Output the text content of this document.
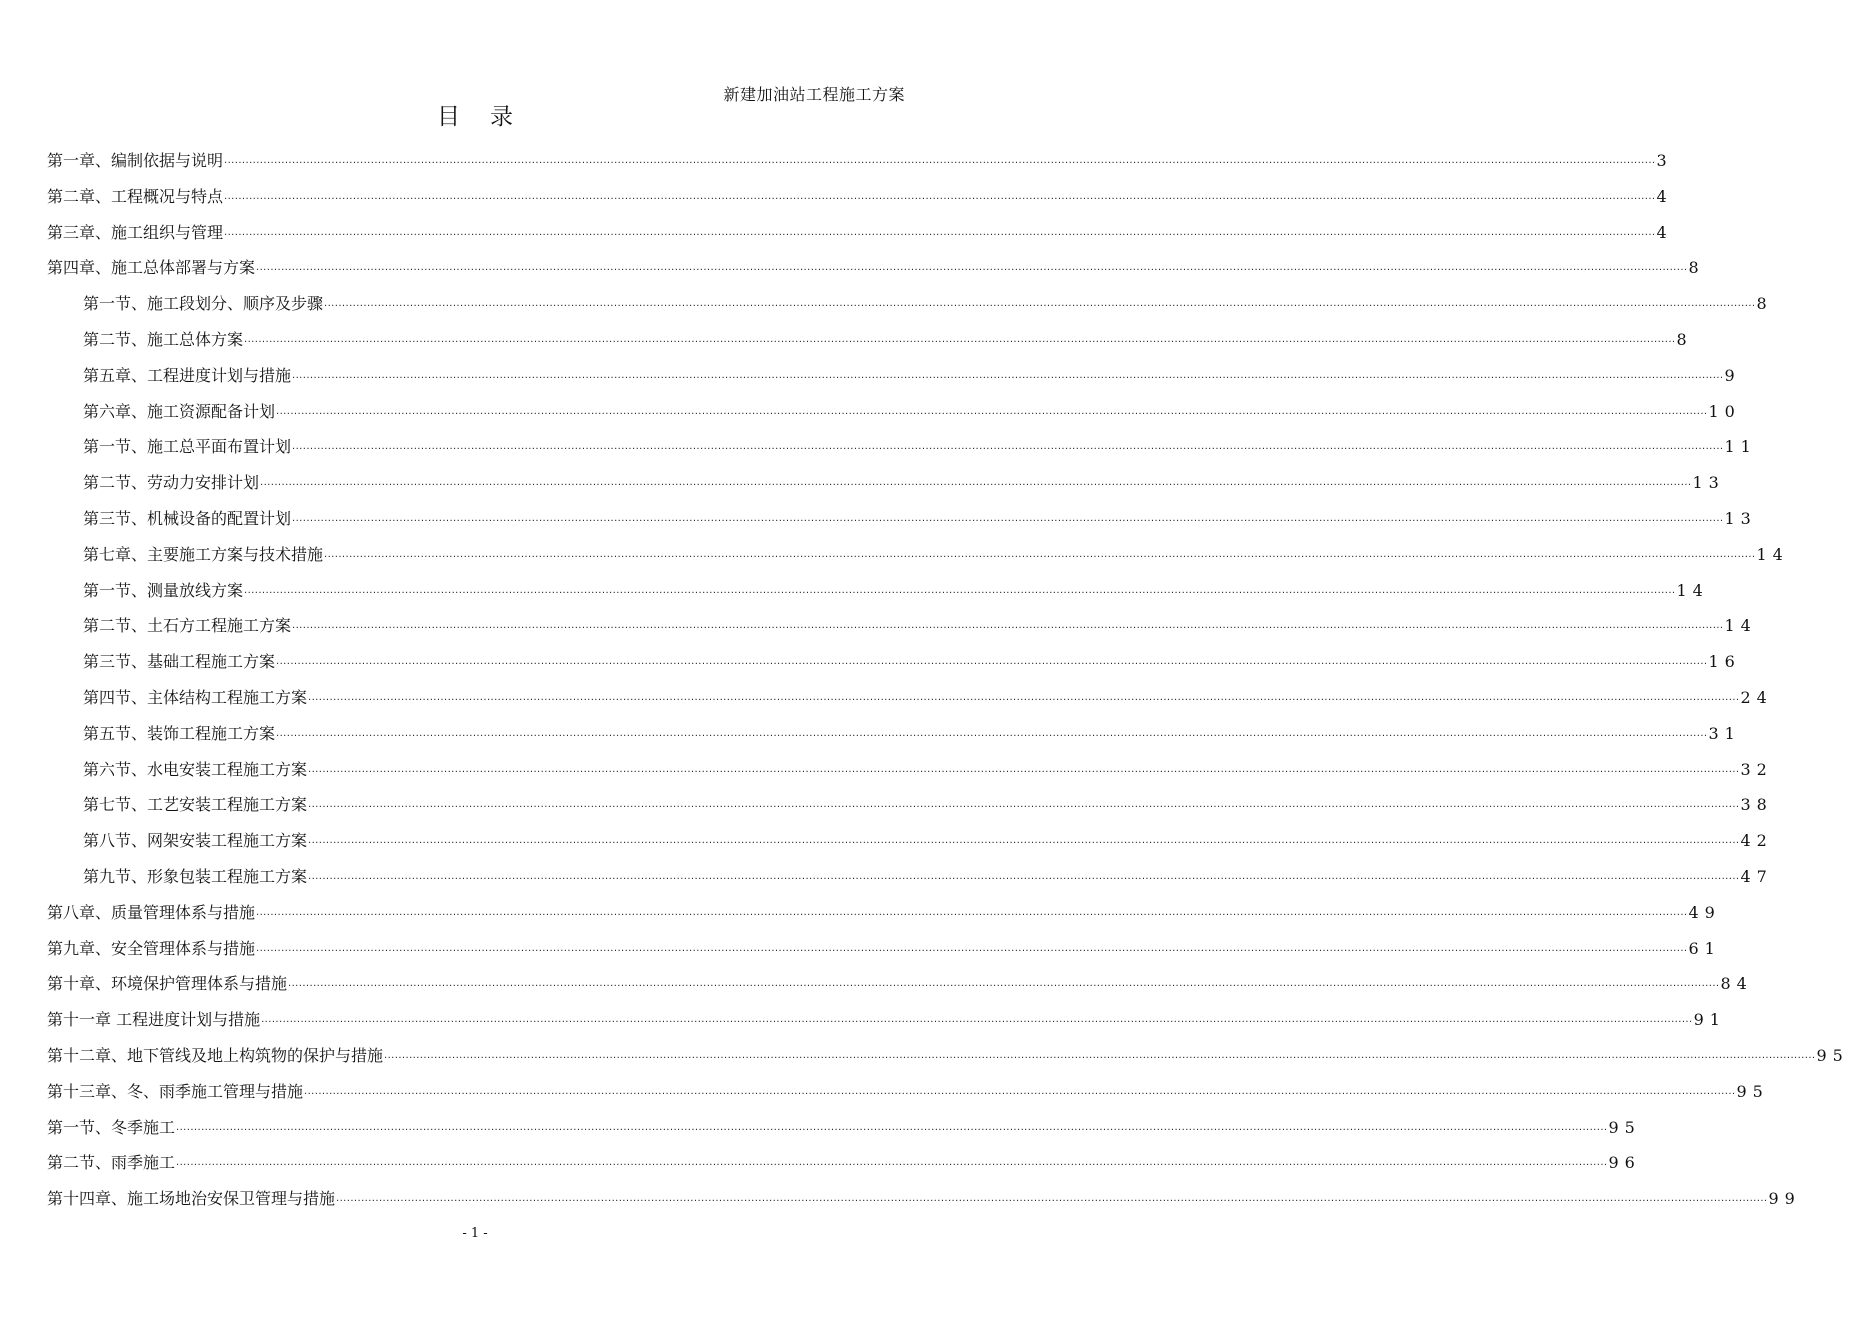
新建加油站工程施工方案
目录
第一章、编制依据与说明 ················································································································································································································································································································································································································ 3
第二章、工程概况与特点 ················································································································································································································································································································································································································ 4
第三章、施工组织与管理 ················································································································································································································································································································································································································ 4
第四章、施工总体部署与方案 ················································································································································································································································································································································································································ 8
第一节、施工段划分、顺序及步骤 ················································································································································································································································································································································································································ 8
第二节、施工总体方案 ················································································································································································································································································································································································································ 8
第五章、工程进度计划与措施 ················································································································································································································································································································································································································ 9
第六章、施工资源配备计划 ················································································································································································································································································································································································································ 10
第一节、施工总平面布置计划 ················································································································································································································································································································································································································ 11
第二节、劳动力安排计划 ················································································································································································································································································································································································································ 13
第三节、机械设备的配置计划 ················································································································································································································································································································································································································ 13
第七章、主要施工方案与技术措施 ················································································································································································································································································································································································································ 14
第一节、测量放线方案 ················································································································································································································································································································································································································ 14
第二节、土石方工程施工方案 ················································································································································································································································································································································································································ 14
第三节、基础工程施工方案 ················································································································································································································································································································································································································ 16
第四节、主体结构工程施工方案 ················································································································································································································································································································································································································ 24
第五节、装饰工程施工方案 ················································································································································································································································································································································································································ 31
第六节、水电安装工程施工方案 ················································································································································································································································································································································································································ 32
第七节、工艺安装工程施工方案 ················································································································································································································································································································································································································ 38
第八节、网架安装工程施工方案 ················································································································································································································································································································································································································ 42
第九节、形象包装工程施工方案 ················································································································································································································································································································································································································ 47
第八章、质量管理体系与措施 ················································································································································································································································································································································································································ 49
第九章、安全管理体系与措施 ················································································································································································································································································································································································································ 61
第十章、环境保护管理体系与措施 ················································································································································································································································································································································································································ 84
第十一章 工程进度计划与措施 ················································································································································································································································································································································································································ 91
第十二章、地下管线及地上构筑物的保护与措施 ················································································································································································································································································································································································································ 95
第十三章、冬、雨季施工管理与措施 ················································································································································································································································································································································································································ 95
第一节、冬季施工 ················································································································································································································································································································································································································ 95
第二节、雨季施工 ················································································································································································································································································································································································································ 96
第十四章、施工场地治安保卫管理与措施 ················································································································································································································································································································································································································ 99
- 1 -
